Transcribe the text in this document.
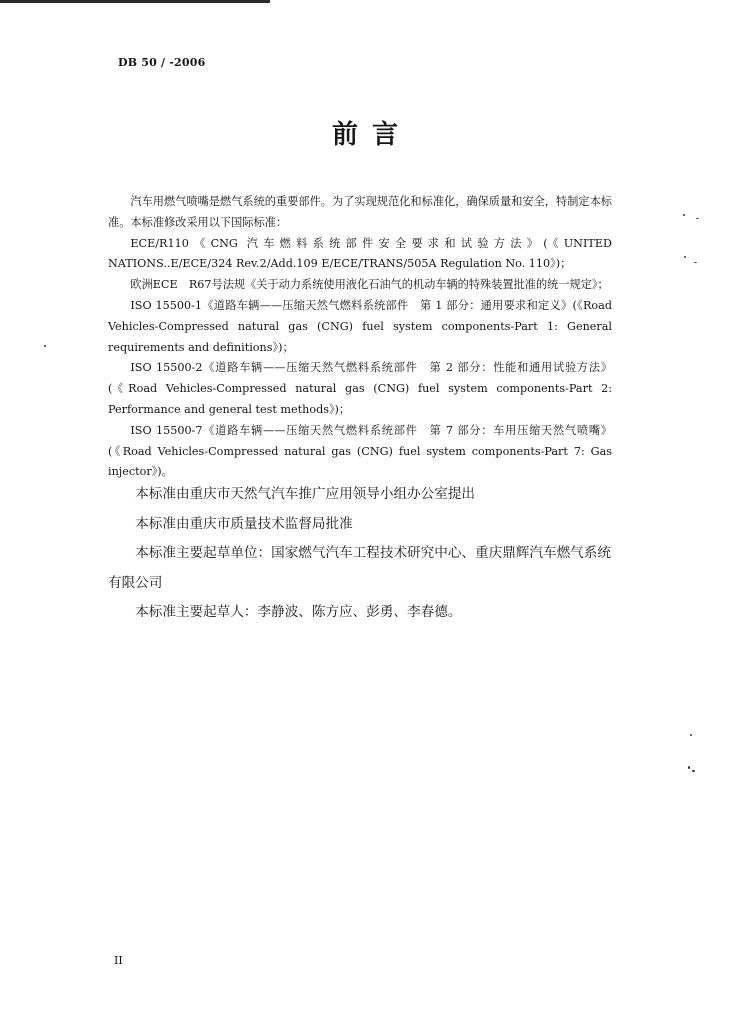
DB 50 / -2006
前言

汽车用燃气喷嘴是燃气系统的重要部件。为了实现规范化和标准化，确保质量和安全，特制定本标准。本标准修改采用以下国际标准：

ECE/R110《CNG 汽车燃料系统部件安全要求和试验方法》(《UNITED NATIONS..E/ECE/324 Rev.2/Add.109 E/ECE/TRANS/505A Regulation No. 110》)；

欧洲ECE　R67号法规《关于动力系统使用液化石油气的机动车辆的特殊装置批准的统一规定》；

ISO 15500-1《道路车辆——压缩天然气燃料系统部件　第 1 部分：通用要求和定义》(《Road Vehicles-Compressed natural gas (CNG) fuel system components-Part 1: General requirements and definitions》)；

ISO 15500-2《道路车辆——压缩天然气燃料系统部件　第 2 部分：性能和通用试验方法》(《Road Vehicles-Compressed natural gas (CNG) fuel system components-Part 2: Performance and general test methods》)；

ISO 15500-7《道路车辆——压缩天然气燃料系统部件　第 7 部分：车用压缩天然气喷嘴》(《Road Vehicles-Compressed natural gas (CNG) fuel system components-Part 7: Gas injector》)。

本标准由重庆市天然气汽车推广应用领导小组办公室提出

本标准由重庆市质量技术监督局批准

本标准主要起草单位：国家燃气汽车工程技术研究中心、重庆鼎辉汽车燃气系统有限公司

本标准主要起草人：李静波、陈方应、彭勇、李春德。

II
